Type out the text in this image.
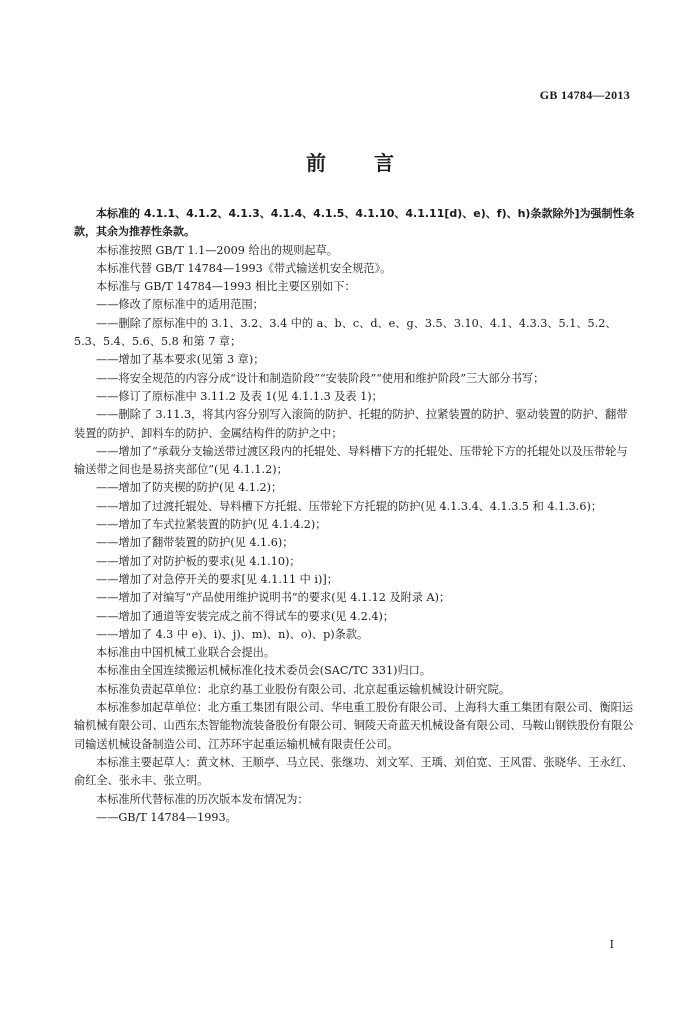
GB 14784—2013
前　言

本标准的 4.1.1、4.1.2、4.1.3、4.1.4、4.1.5、4.1.10、4.1.11[d)、e)、f)、h)条款除外]为强制性条款，其余为推荐性条款。

本标准按照 GB/T 1.1—2009 给出的规则起草。

本标准代替 GB/T 14784—1993《带式输送机安全规范》。

本标准与 GB/T 14784—1993 相比主要区别如下：

——修改了原标准中的适用范围；

——删除了原标准中的 3.1、3.2、3.4 中的 a、b、c、d、e、g、3.5、3.10、4.1、4.3.3、5.1、5.2、5.3、5.4、5.6、5.8 和第 7 章；

——增加了基本要求(见第 3 章)；

——将安全规范的内容分成“设计和制造阶段”“安装阶段”“使用和维护阶段”三大部分书写；

——修订了原标准中 3.11.2 及表 1(见 4.1.1.3 及表 1)；

——删除了 3.11.3，将其内容分别写入滚筒的防护、托辊的防护、拉紧装置的防护、驱动装置的防护、翻带装置的防护、卸料车的防护、金属结构件的防护之中；

——增加了“承载分支输送带过渡区段内的托辊处、导料槽下方的托辊处、压带轮下方的托辊处以及压带轮与输送带之间也是易挤夹部位”(见 4.1.1.2)；

——增加了防夹楔的防护(见 4.1.2)；

——增加了过渡托辊处、导料槽下方托辊、压带轮下方托辊的防护(见 4.1.3.4、4.1.3.5 和 4.1.3.6)；

——增加了车式拉紧装置的防护(见 4.1.4.2)；

——增加了翻带装置的防护(见 4.1.6)；

——增加了对防护板的要求(见 4.1.10)；

——增加了对急停开关的要求[见 4.1.11 中 i)]；

——增加了对编写“产品使用维护说明书”的要求(见 4.1.12 及附录 A)；

——增加了通道等安装完成之前不得试车的要求(见 4.2.4)；

——增加了 4.3 中 e)、i)、j)、m)、n)、o)、p)条款。

本标准由中国机械工业联合会提出。

本标准由全国连续搬运机械标准化技术委员会(SAC/TC 331)归口。

本标准负责起草单位：北京约基工业股份有限公司、北京起重运输机械设计研究院。

本标准参加起草单位：北方重工集团有限公司、华电重工股份有限公司、上海科大重工集团有限公司、衡阳运输机械有限公司、山西东杰智能物流装备股份有限公司、铜陵天奇蓝天机械设备有限公司、马鞍山钢铁股份有限公司输送机械设备制造公司、江苏环宇起重运输机械有限责任公司。

本标准主要起草人：黄文林、王顺亭、马立民、张继功、刘文军、王瑀、刘伯宽、王风雷、张晓华、王永红、俞红全、张永丰、张立明。

本标准所代替标准的历次版本发布情况为：

——GB/T 14784—1993。

I
